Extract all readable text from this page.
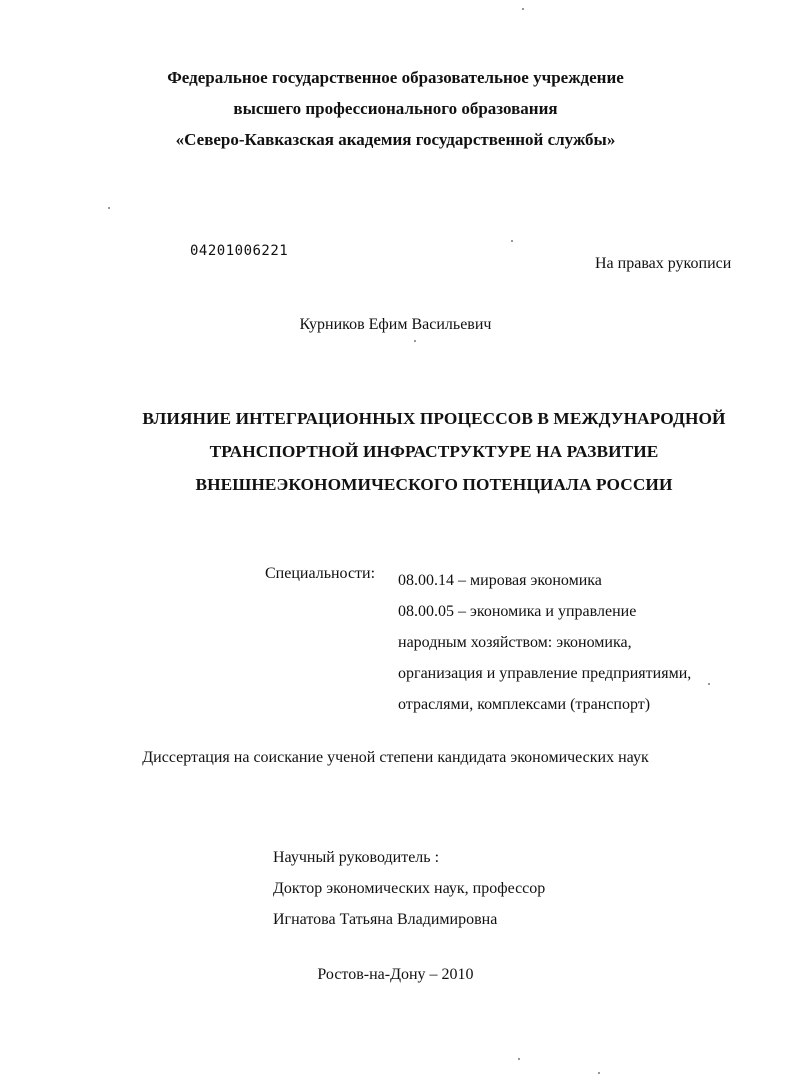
Федеральное государственное образовательное учреждение
высшего профессионального образования
«Северо-Кавказская академия государственной службы»
04201006221
На правах рукописи
Курников Ефим Васильевич
ВЛИЯНИЕ ИНТЕГРАЦИОННЫХ ПРОЦЕССОВ В МЕЖДУНАРОДНОЙ
ТРАНСПОРТНОЙ ИНФРАСТРУКТУРЕ НА РАЗВИТИЕ
ВНЕШНЕЭКОНОМИЧЕСКОГО ПОТЕНЦИАЛА РОССИИ
Специальности: 08.00.14 – мировая экономика
08.00.05 – экономика и управление
народным хозяйством: экономика,
организация и управление предприятиями,
отраслями, комплексами (транспорт)
Диссертация на соискание ученой степени кандидата экономических наук
Научный руководитель :
Доктор экономических наук, профессор
Игнатова Татьяна Владимировна
Ростов-на-Дону – 2010
